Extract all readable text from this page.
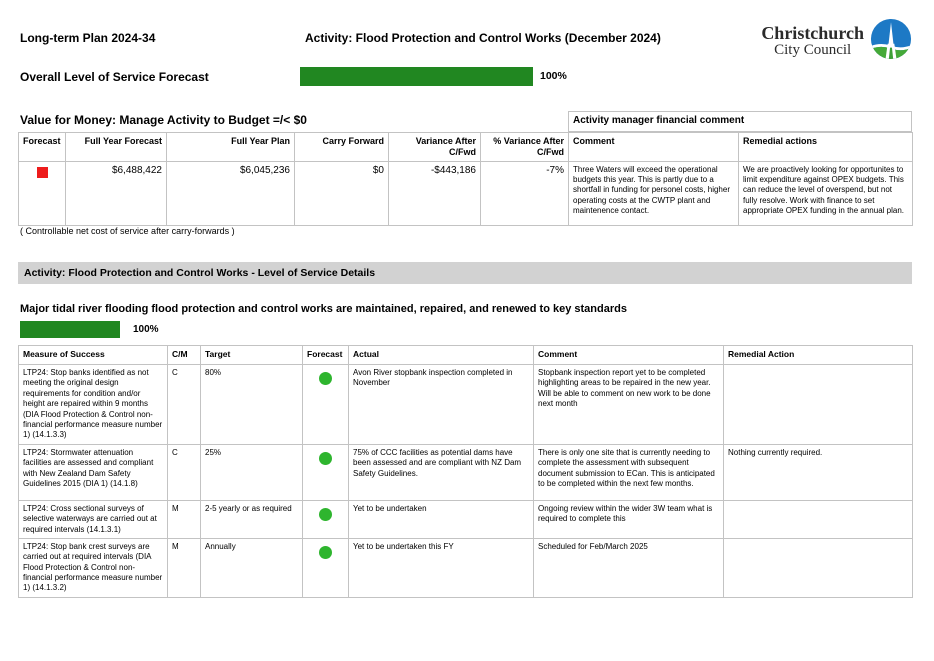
Long-term Plan 2024-34	Activity: Flood Protection and Control Works (December 2024)	Christchurch
City Council
Overall Level of Service Forecast	100%
Value for Money: Manage Activity to Budget =/< $0	Activity manager financial comment
Forecast	Full Year Forecast	Full Year Plan	Carry Forward	Variance After C/Fwd	% Variance After C/Fwd	Comment	Remedial actions
	$6,488,422	$6,045,236	$0	-$443,186	-7%	Three Waters will exceed the operational budgets this year. This is partly due to a shortfall in funding for personel costs, higher operating costs at the CWTP plant and maintenence contact.	We are proactively looking for opportunites to limit expenditure against OPEX budgets. This can reduce the level of overspend, but not fully resolve. Work with finance to set appropriate OPEX funding in the annual plan.
( Controllable net cost of service after carry-forwards )
Activity: Flood Protection and Control Works - Level of Service Details
Major tidal river flooding flood protection and control works are maintained, repaired, and renewed to key standards
100%
Measure of Success	C/M	Target	Forecast	Actual	Comment	Remedial Action
LTP24: Stop banks identified as not meeting the original design requirements for condition and/or height are repaired within 9 months (DIA Flood Protection & Control non- financial performance measure number 1) (14.1.3.3)	C	80%		Avon River stopbank inspection completed in November	Stopbank inspection report yet to be completed highlighting areas to be repaired in the new year. Will be able to comment on new work to be done next month	
LTP24: Stormwater attenuation facilities are assessed and compliant with New Zealand Dam Safety Guidelines 2015 (DIA 1) (14.1.8)	C	25%		75% of CCC facilities as potential dams have been assessed and are compliant with NZ Dam Safety Guidelines.	There is only one site that is currently needing to complete the assessment with subsequent document submission to ECan. This is anticipated to be completed within the next few months.	Nothing currently required.
LTP24: Cross sectional surveys of selective waterways are carried out at required intervals (14.1.3.1)	M	2-5 yearly or as required		Yet to be undertaken	Ongoing review within the wider 3W team what is required to complete this	
LTP24: Stop bank crest surveys are carried out at required intervals (DIA Flood Protection & Control non-financial performance measure number 1) (14.1.3.2)	M	Annually		Yet to be undertaken this FY	Scheduled for Feb/March 2025	
